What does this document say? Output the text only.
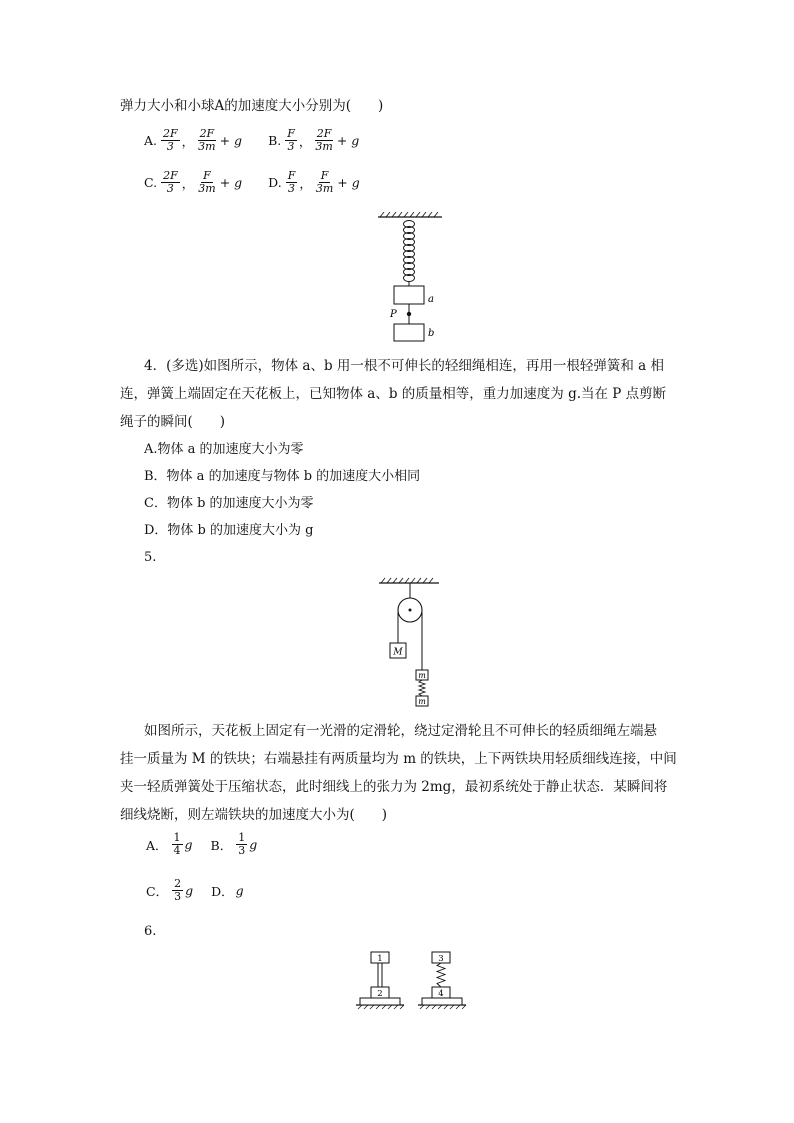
弹力大小和小球A的加速度大小分别为(　　)
A. $\frac{2F}{3}$ ， $\frac{2F}{3m} + g$ B. $\frac{F}{3}$ ， $\frac{2F}{3m} + g$
C. $\frac{2F}{3}$ ， $\frac{F}{3m} + g$ D. $\frac{F}{3}$ ， $\frac{F}{3m} + g$
a
P
b
4．(多选)如图所示，物体 a、b 用一根不可伸长的轻细绳相连，再用一根轻弹簧和 a 相
连，弹簧上端固定在天花板上，已知物体 a、b 的质量相等，重力加速度为 g.当在 P 点剪断
绳子的瞬间(　　)
A.物体 a 的加速度大小为零
B．物体 a 的加速度与物体 b 的加速度大小相同
C．物体 b 的加速度大小为零
D．物体 b 的加速度大小为 g
5.
M
m
m
如图所示，天花板上固定有一光滑的定滑轮，绕过定滑轮且不可伸长的轻质细绳左端悬
挂一质量为 M 的铁块；右端悬挂有两质量均为 m 的铁块，上下两铁块用轻质细线连接，中间
夹一轻质弹簧处于压缩状态，此时细线上的张力为 2mg，最初系统处于静止状态．某瞬间将
细线烧断，则左端铁块的加速度大小为(　　)
A． $\frac{1}{4}$ g B． $\frac{1}{3}$ g
C． $\frac{2}{3}$ g D． g
6.
2
1
4
3
